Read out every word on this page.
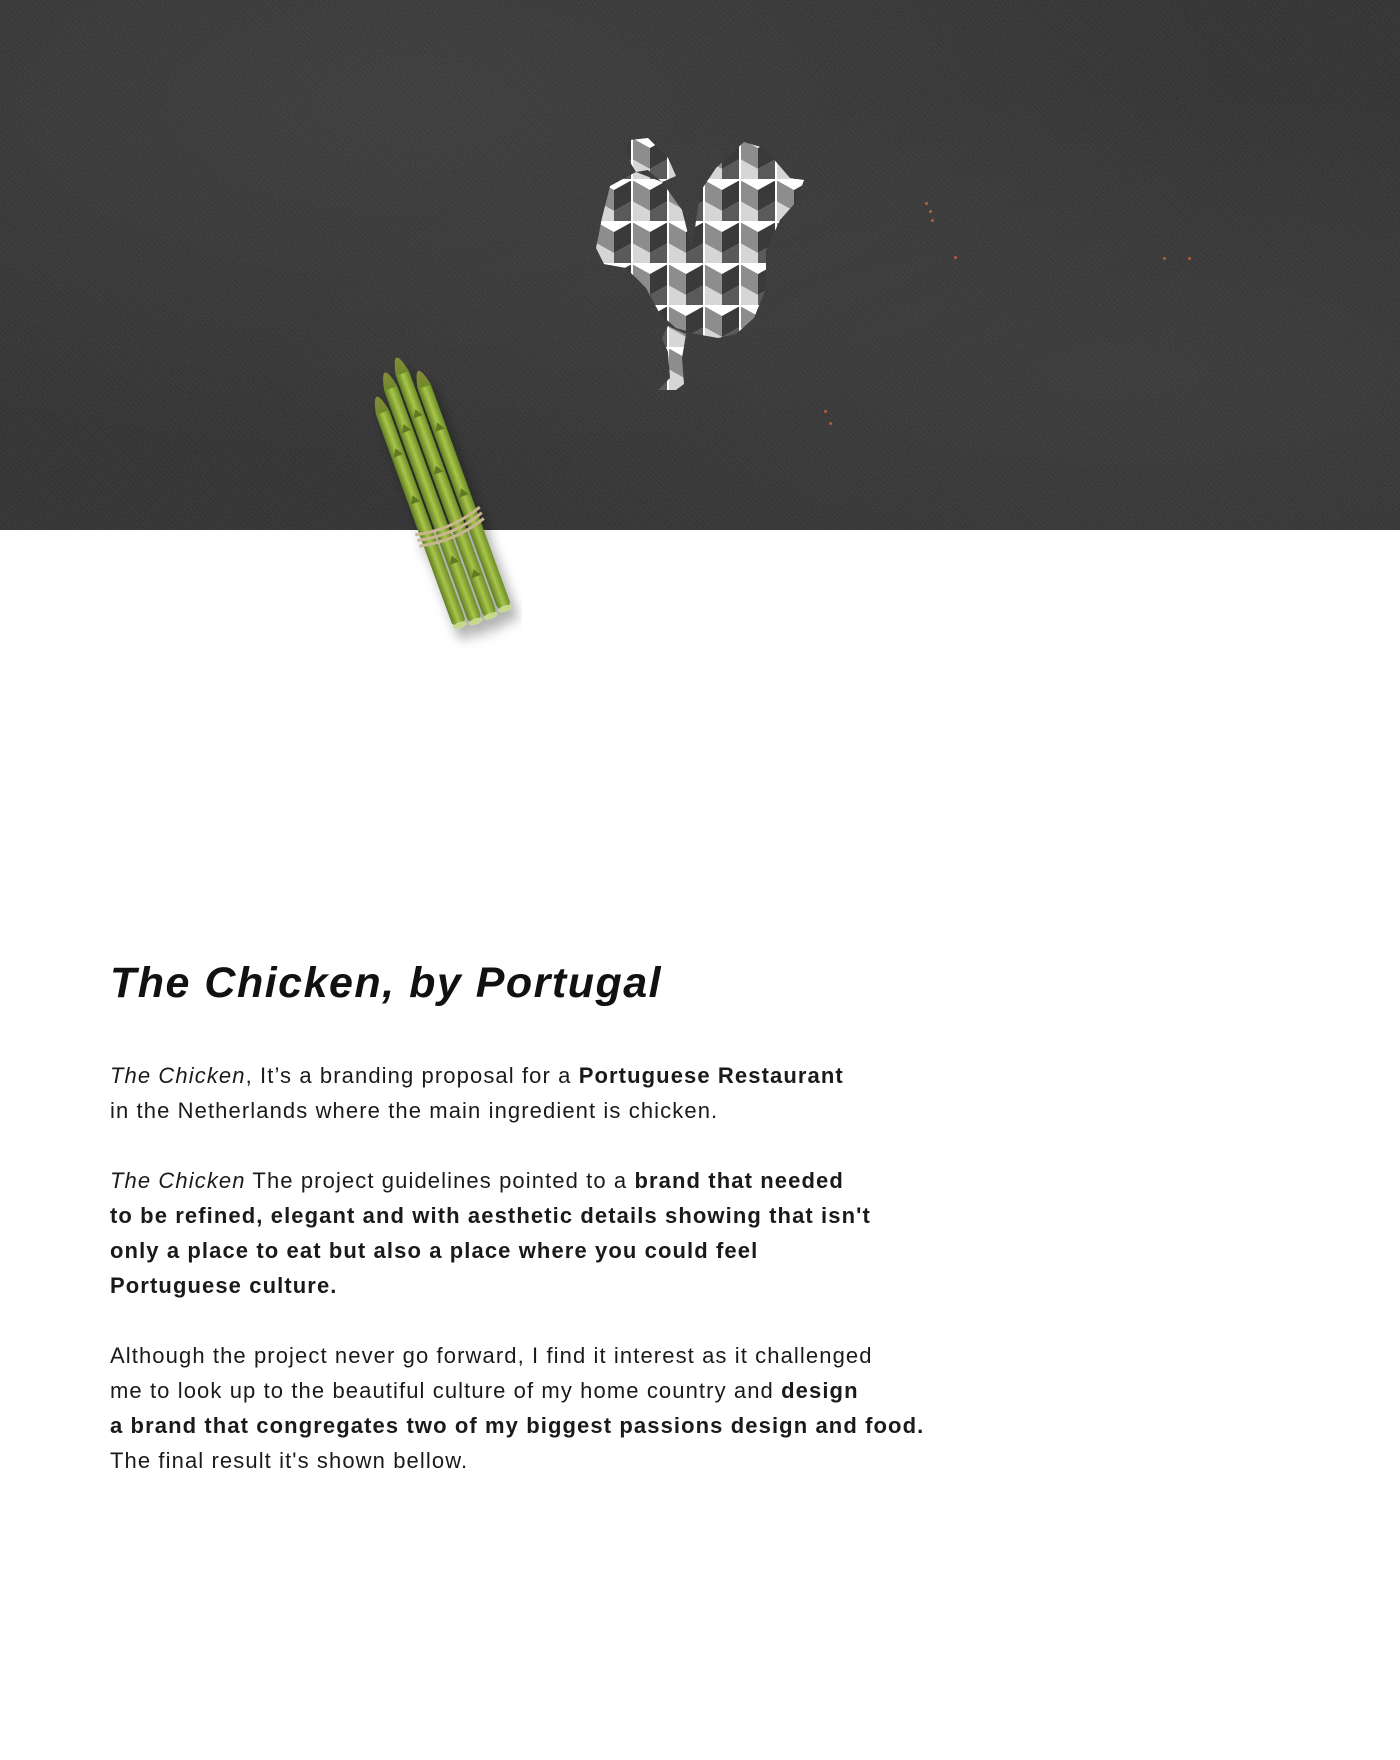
The Chicken, by Portugal

The Chicken, It’s a branding proposal for a Portuguese Restaurant
in the Netherlands where the main ingredient is chicken.

The Chicken The project guidelines pointed to a brand that needed
to be refined, elegant and with aesthetic details showing that isn't
only a place to eat but also a place where you could feel
Portuguese culture.

Although the project never go forward, I find it interest as it challenged
me to look up to the beautiful culture of my home country and design
a brand that congregates two of my biggest passions design and food.
The final result it's shown bellow.
